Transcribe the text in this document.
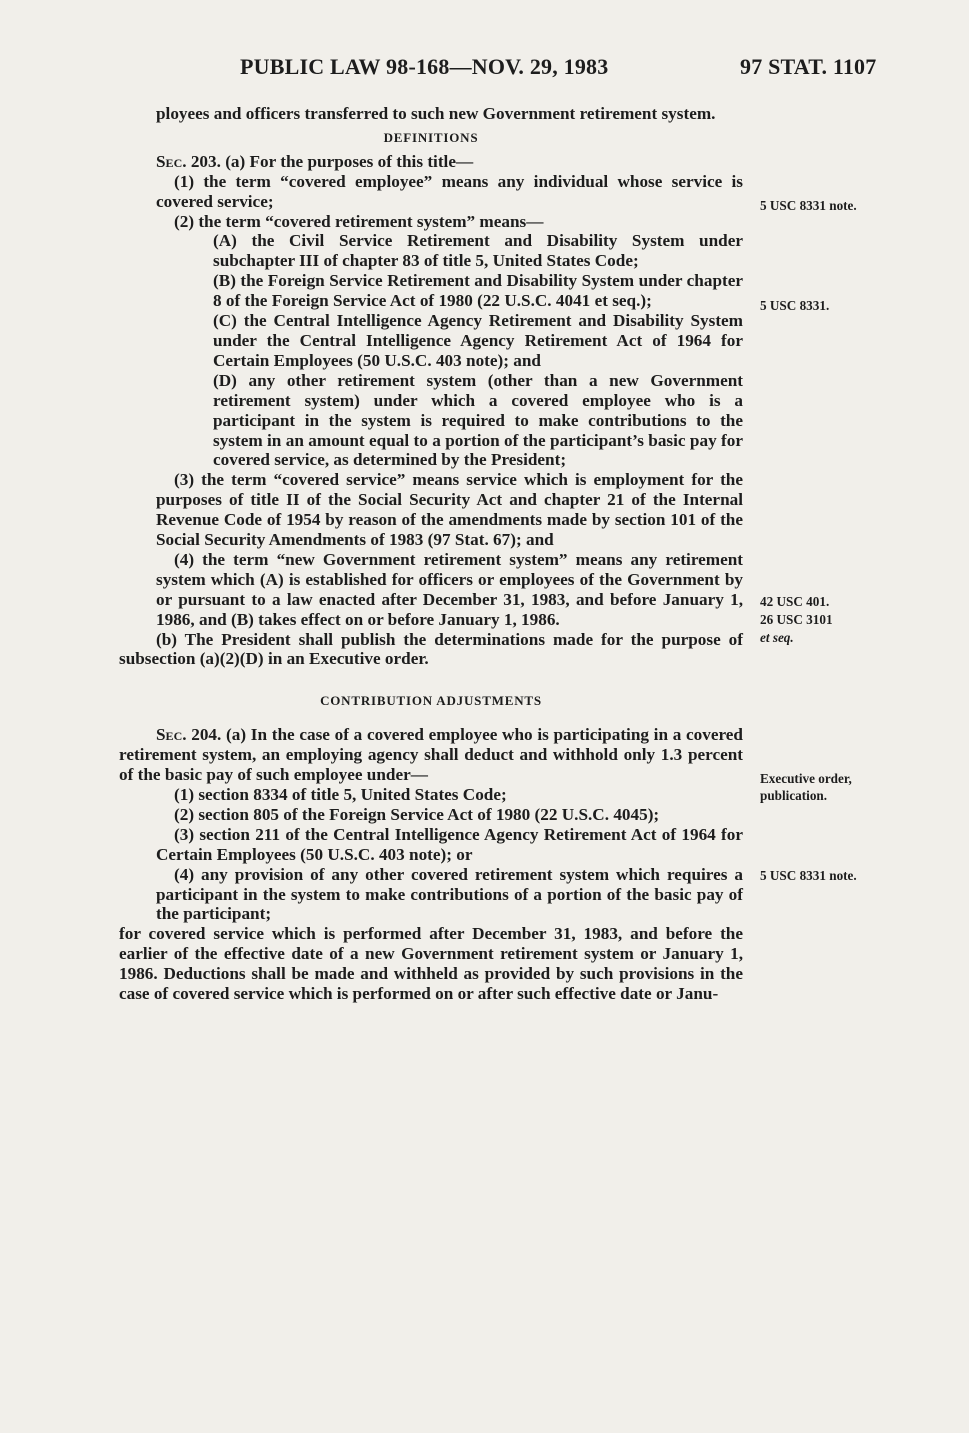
PUBLIC LAW 98-168—NOV. 29, 1983	97 STAT. 1107

ployees and officers transferred to such new Government retirement system.

DEFINITIONS

Sec. 203. (a) For the purposes of this title—

(1) the term “covered employee” means any individual whose service is covered service;

(2) the term “covered retirement system” means—

(A) the Civil Service Retirement and Disability System under subchapter III of chapter 83 of title 5, United States Code;

(B) the Foreign Service Retirement and Disability System under chapter 8 of the Foreign Service Act of 1980 (22 U.S.C. 4041 et seq.);

(C) the Central Intelligence Agency Retirement and Disability System under the Central Intelligence Agency Retirement Act of 1964 for Certain Employees (50 U.S.C. 403 note); and

(D) any other retirement system (other than a new Government retirement system) under which a covered employee who is a participant in the system is required to make contributions to the system in an amount equal to a portion of the participant’s basic pay for covered service, as determined by the President;

(3) the term “covered service” means service which is employment for the purposes of title II of the Social Security Act and chapter 21 of the Internal Revenue Code of 1954 by reason of the amendments made by section 101 of the Social Security Amendments of 1983 (97 Stat. 67); and

(4) the term “new Government retirement system” means any retirement system which (A) is established for officers or employees of the Government by or pursuant to a law enacted after December 31, 1983, and before January 1, 1986, and (B) takes effect on or before January 1, 1986.

(b) The President shall publish the determinations made for the purpose of subsection (a)(2)(D) in an Executive order.

CONTRIBUTION ADJUSTMENTS

Sec. 204. (a) In the case of a covered employee who is participating in a covered retirement system, an employing agency shall deduct and withhold only 1.3 percent of the basic pay of such employee under—

(1) section 8334 of title 5, United States Code;

(2) section 805 of the Foreign Service Act of 1980 (22 U.S.C. 4045);

(3) section 211 of the Central Intelligence Agency Retirement Act of 1964 for Certain Employees (50 U.S.C. 403 note); or

(4) any provision of any other covered retirement system which requires a participant in the system to make contributions of a portion of the basic pay of the participant;

for covered service which is performed after December 31, 1983, and before the earlier of the effective date of a new Government retirement system or January 1, 1986. Deductions shall be made and withheld as provided by such provisions in the case of covered service which is performed on or after such effective date or Janu-

5 USC 8331 note.
5 USC 8331.
42 USC 401.
26 USC 3101
et seq.
Executive order,
publication.
5 USC 8331 note.
